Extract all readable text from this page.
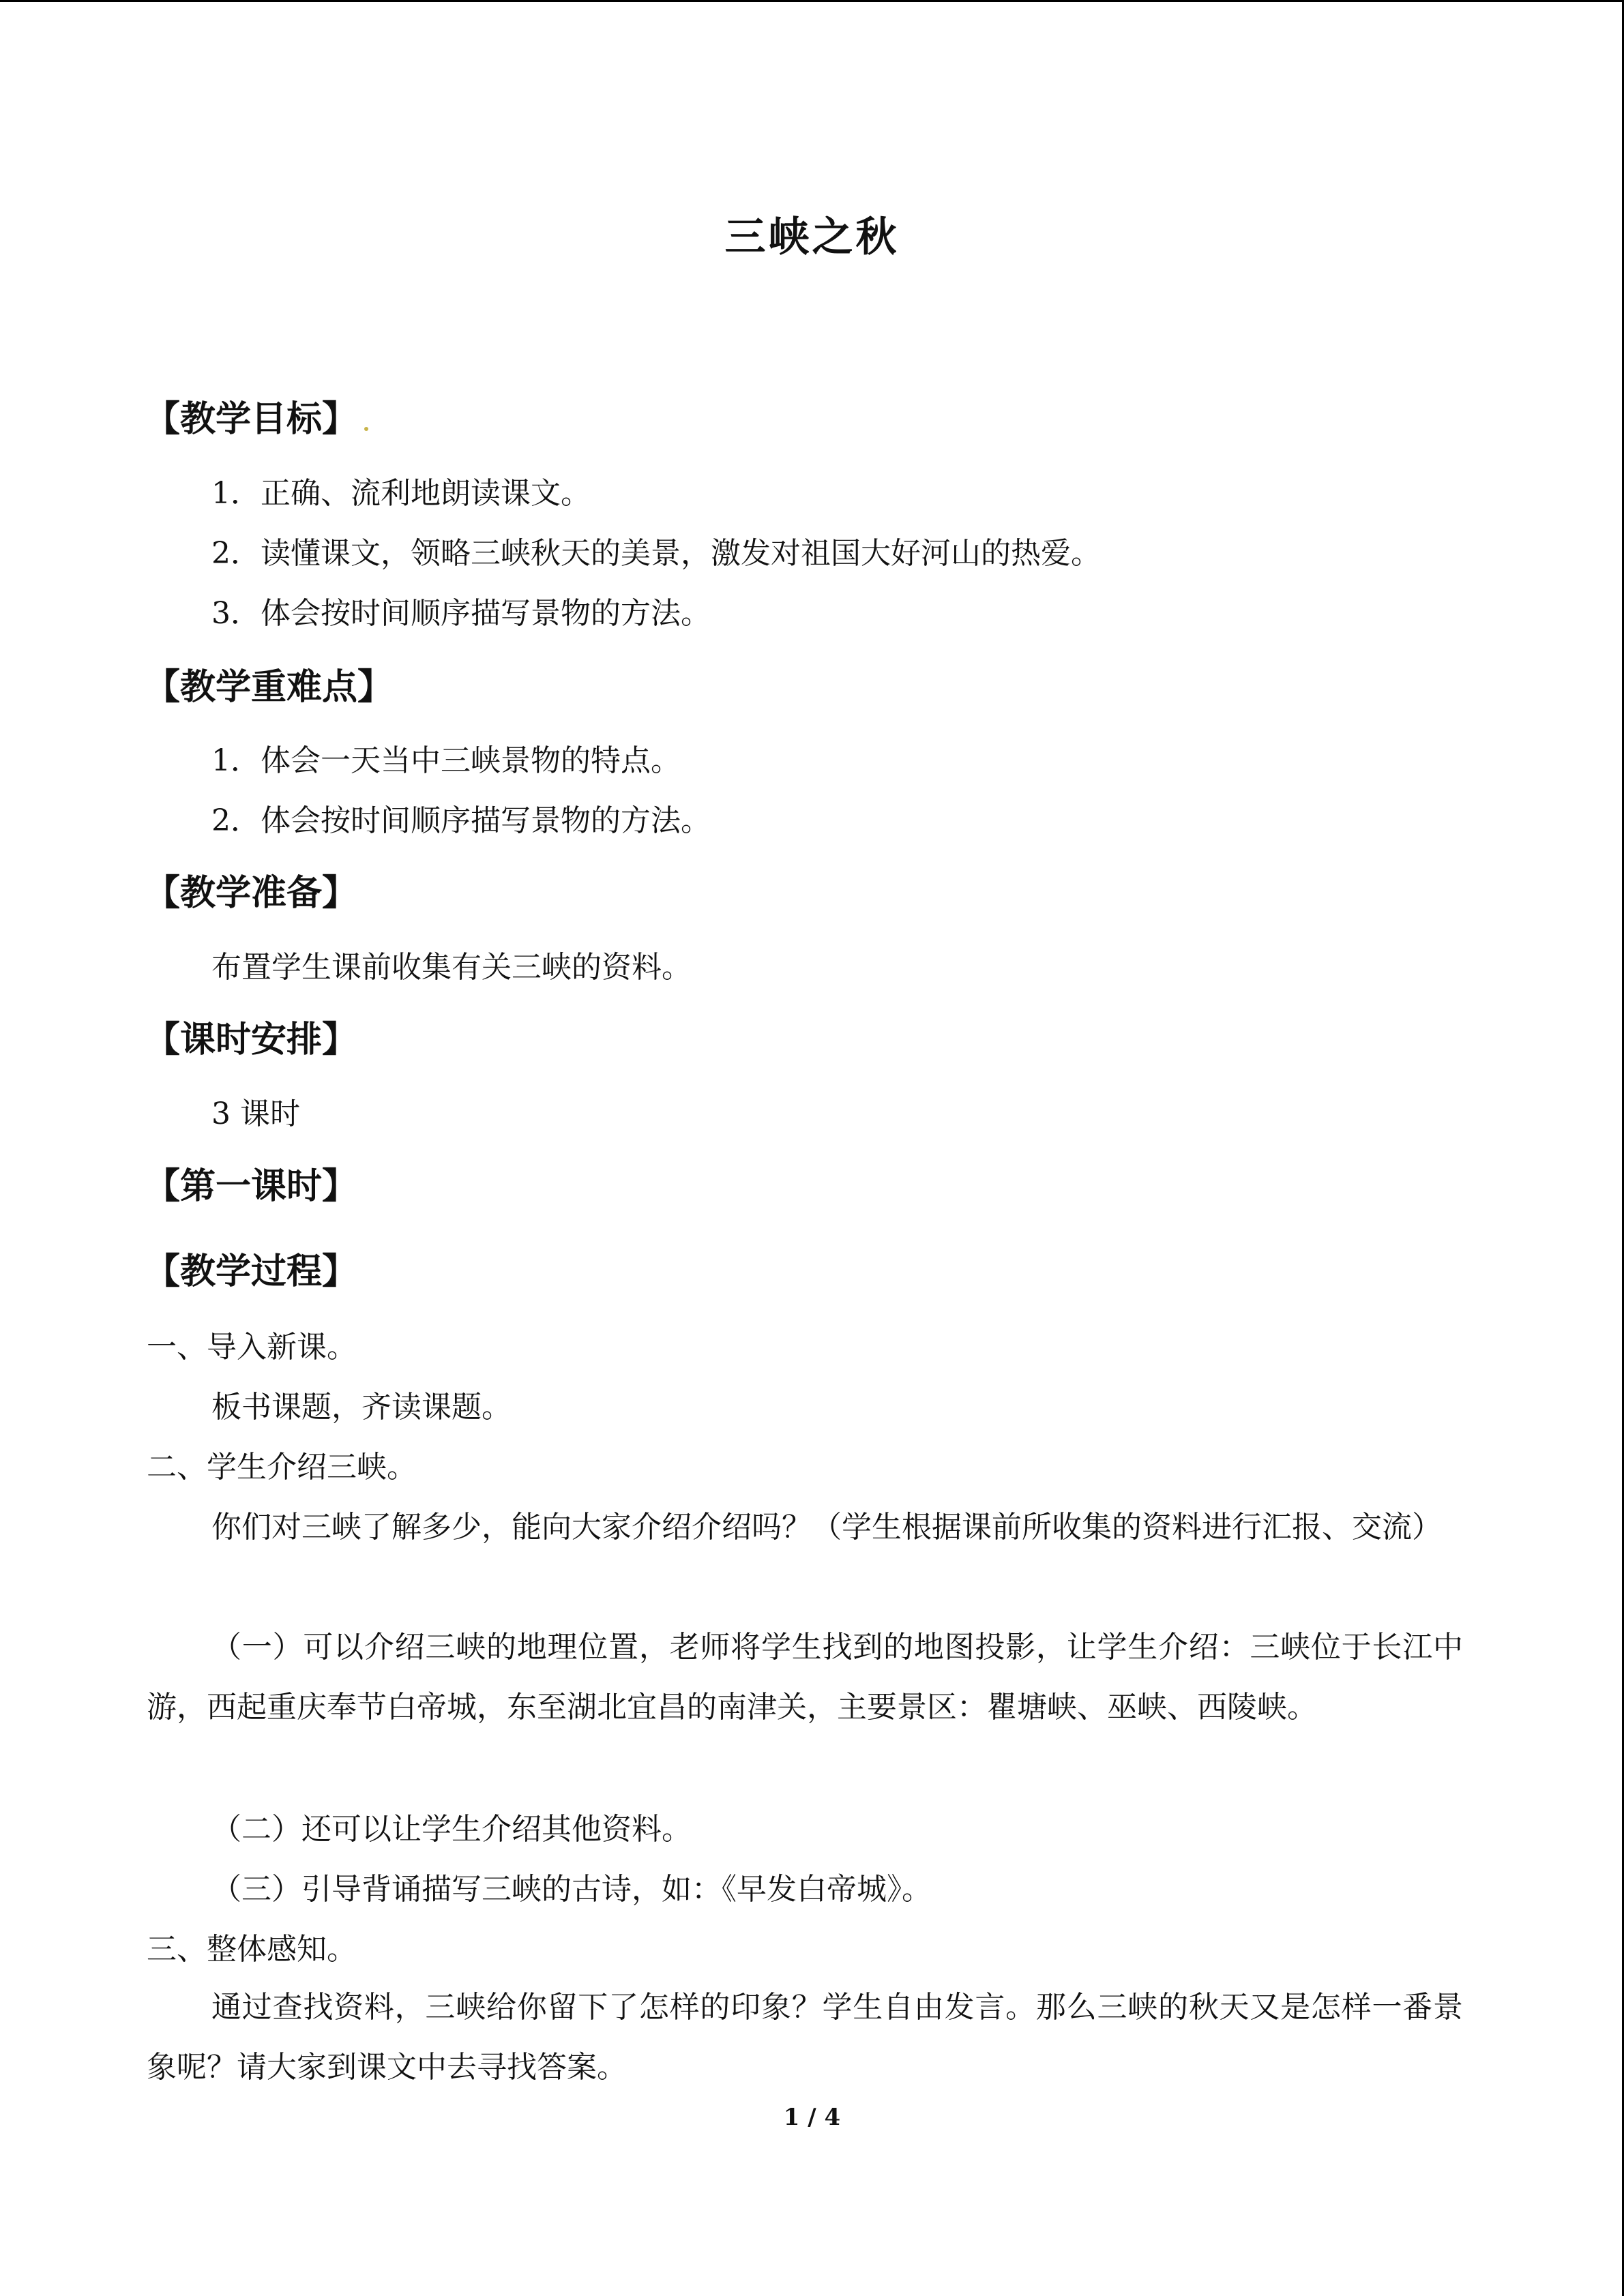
三峡之秋
【教学目标】
1．正确、流利地朗读课文。
2．读懂课文，领略三峡秋天的美景，激发对祖国大好河山的热爱。
3．体会按时间顺序描写景物的方法。
【教学重难点】
1．体会一天当中三峡景物的特点。
2．体会按时间顺序描写景物的方法。
【教学准备】
布置学生课前收集有关三峡的资料。
【课时安排】
3 课时
【第一课时】
【教学过程】
一、导入新课。
板书课题，齐读课题。
二、学生介绍三峡。
你们对三峡了解多少，能向大家介绍介绍吗？（学生根据课前所收集的资料进行汇报、交流）
（一）可以介绍三峡的地理位置，老师将学生找到的地图投影，让学生介绍：三峡位于长江中游，西起重庆奉节白帝城，东至湖北宜昌的南津关，主要景区：瞿塘峡、巫峡、西陵峡。
（二）还可以让学生介绍其他资料。
（三）引导背诵描写三峡的古诗，如：《早发白帝城》。
三、整体感知。
通过查找资料，三峡给你留下了怎样的印象？学生自由发言。那么三峡的秋天又是怎样一番景象呢？请大家到课文中去寻找答案。
1 / 4
